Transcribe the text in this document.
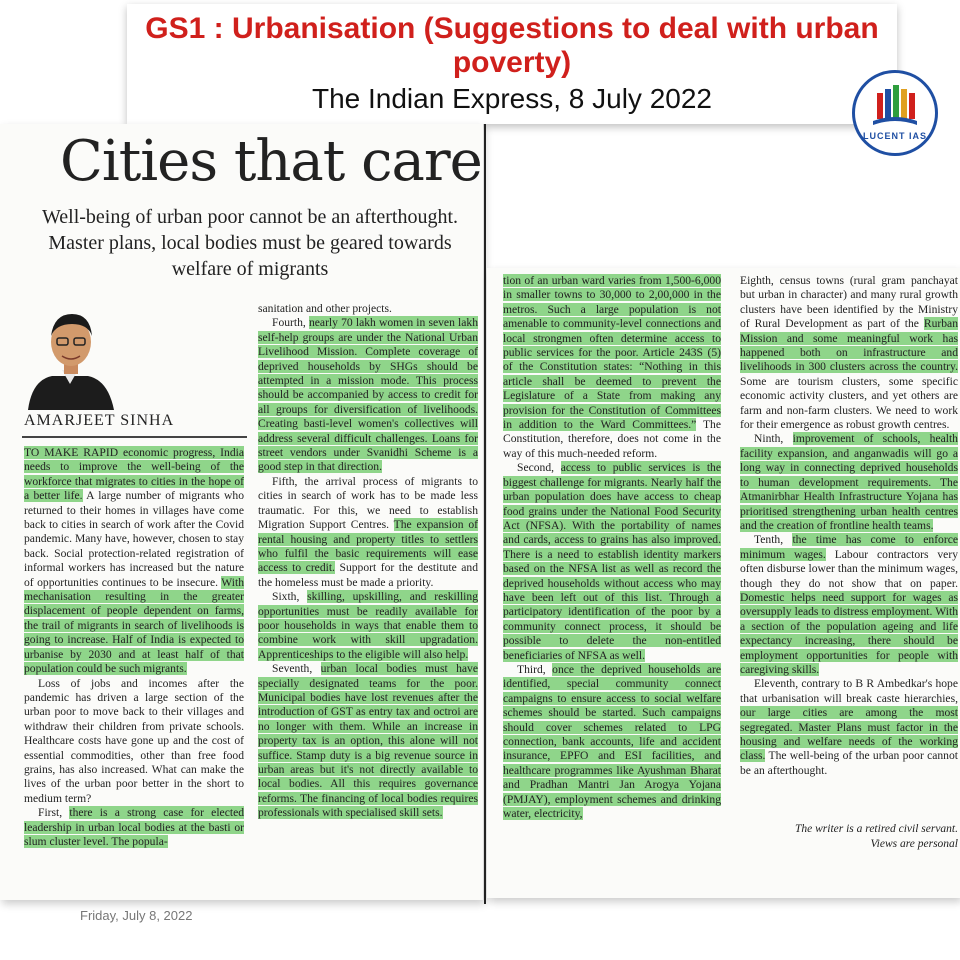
GS1 : Urbanisation (Suggestions to deal with urban poverty)
The Indian Express, 8 July 2022
LUCENT IAS
Cities that care
Well-being of urban poor cannot be an afterthought. Master plans, local bodies must be geared towards welfare of migrants
AMARJEET SINHA

TO MAKE RAPID economic progress, India needs to improve the well-being of the workforce that migrates to cities in the hope of a better life. A large number of migrants who returned to their homes in villages have come back to cities in search of work after the Covid pandemic. Many have, however, chosen to stay back. Social protection-related registration of informal workers has increased but the nature of opportunities continues to be insecure. With mechanisation resulting in the greater displacement of people dependent on farms, the trail of migrants in search of livelihoods is going to increase. Half of India is expected to urbanise by 2030 and at least half of that population could be such migrants.

Loss of jobs and incomes after the pandemic has driven a large section of the urban poor to move back to their villages and withdraw their children from private schools. Healthcare costs have gone up and the cost of essential commodities, other than free food grains, has also increased. What can make the lives of the urban poor better in the short to medium term?

First, there is a strong case for elected leadership in urban local bodies at the basti or slum cluster level. The popula-

sanitation and other projects.

Fourth, nearly 70 lakh women in seven lakh self-help groups are under the National Urban Livelihood Mission. Complete coverage of deprived households by SHGs should be attempted in a mission mode. This process should be accompanied by access to credit for all groups for diversification of livelihoods. Creating basti-level women's collectives will address several difficult challenges. Loans for street vendors under Svanidhi Scheme is a good step in that direction.

Fifth, the arrival process of migrants to cities in search of work has to be made less traumatic. For this, we need to establish Migration Support Centres. The expansion of rental housing and property titles to settlers who fulfil the basic requirements will ease access to credit. Support for the destitute and the homeless must be made a priority.

Sixth, skilling, upskilling, and reskilling opportunities must be readily available for poor households in ways that enable them to combine work with skill upgradation. Apprenticeships to the eligible will also help.

Seventh, urban local bodies must have specially designated teams for the poor. Municipal bodies have lost revenues after the introduction of GST as entry tax and octroi are no longer with them. While an increase in property tax is an option, this alone will not suffice. Stamp duty is a big revenue source in urban areas but it's not directly available to local bodies. All this requires governance reforms. The financing of local bodies requires professionals with specialised skill sets.

tion of an urban ward varies from 1,500-6,000 in smaller towns to 30,000 to 2,00,000 in the metros. Such a large population is not amenable to community-level connections and local strongmen often determine access to public services for the poor. Article 243S (5) of the Constitution states: “Nothing in this article shall be deemed to prevent the Legislature of a State from making any provision for the Constitution of Committees in addition to the Ward Committees.” The Constitution, therefore, does not come in the way of this much-needed reform.

Second, access to public services is the biggest challenge for migrants. Nearly half the urban population does have access to cheap food grains under the National Food Security Act (NFSA). With the portability of names and cards, access to grains has also improved. There is a need to establish identity markers based on the NFSA list as well as record the deprived households without access who may have been left out of this list. Through a participatory identification of the poor by a community connect process, it should be possible to delete the non-entitled beneficiaries of NFSA as well.

Third, once the deprived households are identified, special community connect campaigns to ensure access to social welfare schemes should be started. Such campaigns should cover schemes related to LPG connection, bank accounts, life and accident insurance, EPFO and ESI facilities, and healthcare programmes like Ayushman Bharat and Pradhan Mantri Jan Arogya Yojana (PMJAY), employment schemes and drinking water, electricity,

Eighth, census towns (rural gram panchayat but urban in character) and many rural growth clusters have been identified by the Ministry of Rural Development as part of the Rurban Mission and some meaningful work has happened both on infrastructure and livelihoods in 300 clusters across the country. Some are tourism clusters, some specific economic activity clusters, and yet others are farm and non-farm clusters. We need to work for their emergence as robust growth centres.

Ninth, improvement of schools, health facility expansion, and anganwadis will go a long way in connecting deprived households to human development requirements. The Atmanirbhar Health Infrastructure Yojana has prioritised strengthening urban health centres and the creation of frontline health teams.

Tenth, the time has come to enforce minimum wages. Labour contractors very often disburse lower than the minimum wages, though they do not show that on paper. Domestic helps need support for wages as oversupply leads to distress employment. With a section of the population ageing and life expectancy increasing, there should be employment opportunities for people with caregiving skills.

Eleventh, contrary to B R Ambedkar's hope that urbanisation will break caste hierarchies, our large cities are among the most segregated. Master Plans must factor in the housing and welfare needs of the working class. The well-being of the urban poor cannot be an afterthought.

The writer is a retired civil servant.
Views are personal
Friday, July 8, 2022
